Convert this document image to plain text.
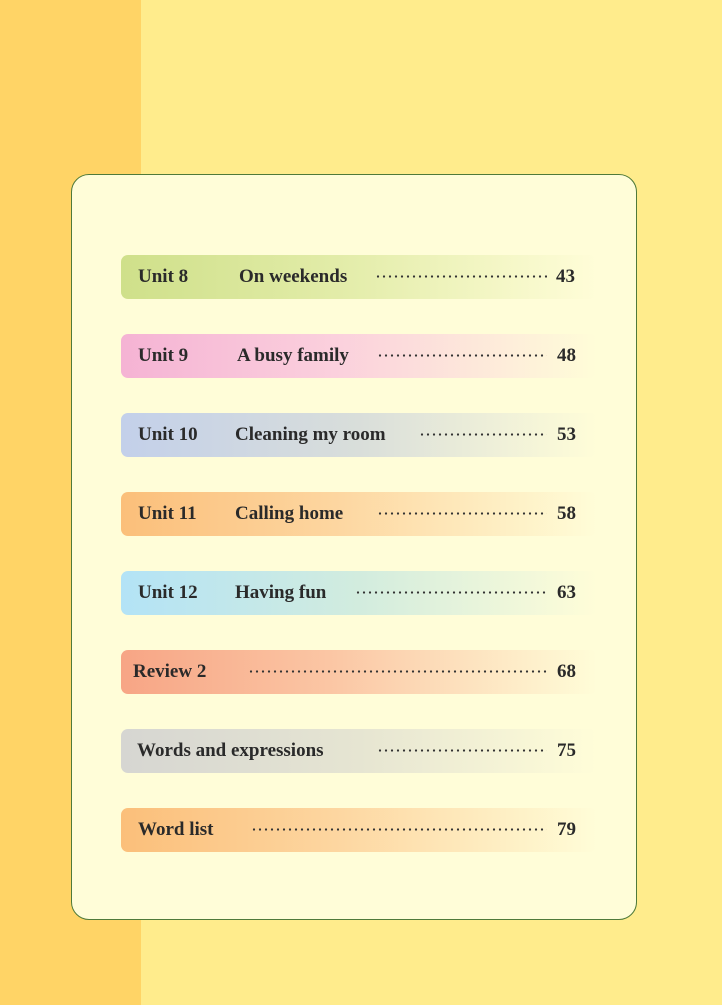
Unit 8	On weekends	43
Unit 9	A busy family	48
Unit 10 Cleaning my room	53
Unit 11 Calling home	58
Unit 12 Having fun	63
Review 2	68
Words and expressions	75
Word list	79
